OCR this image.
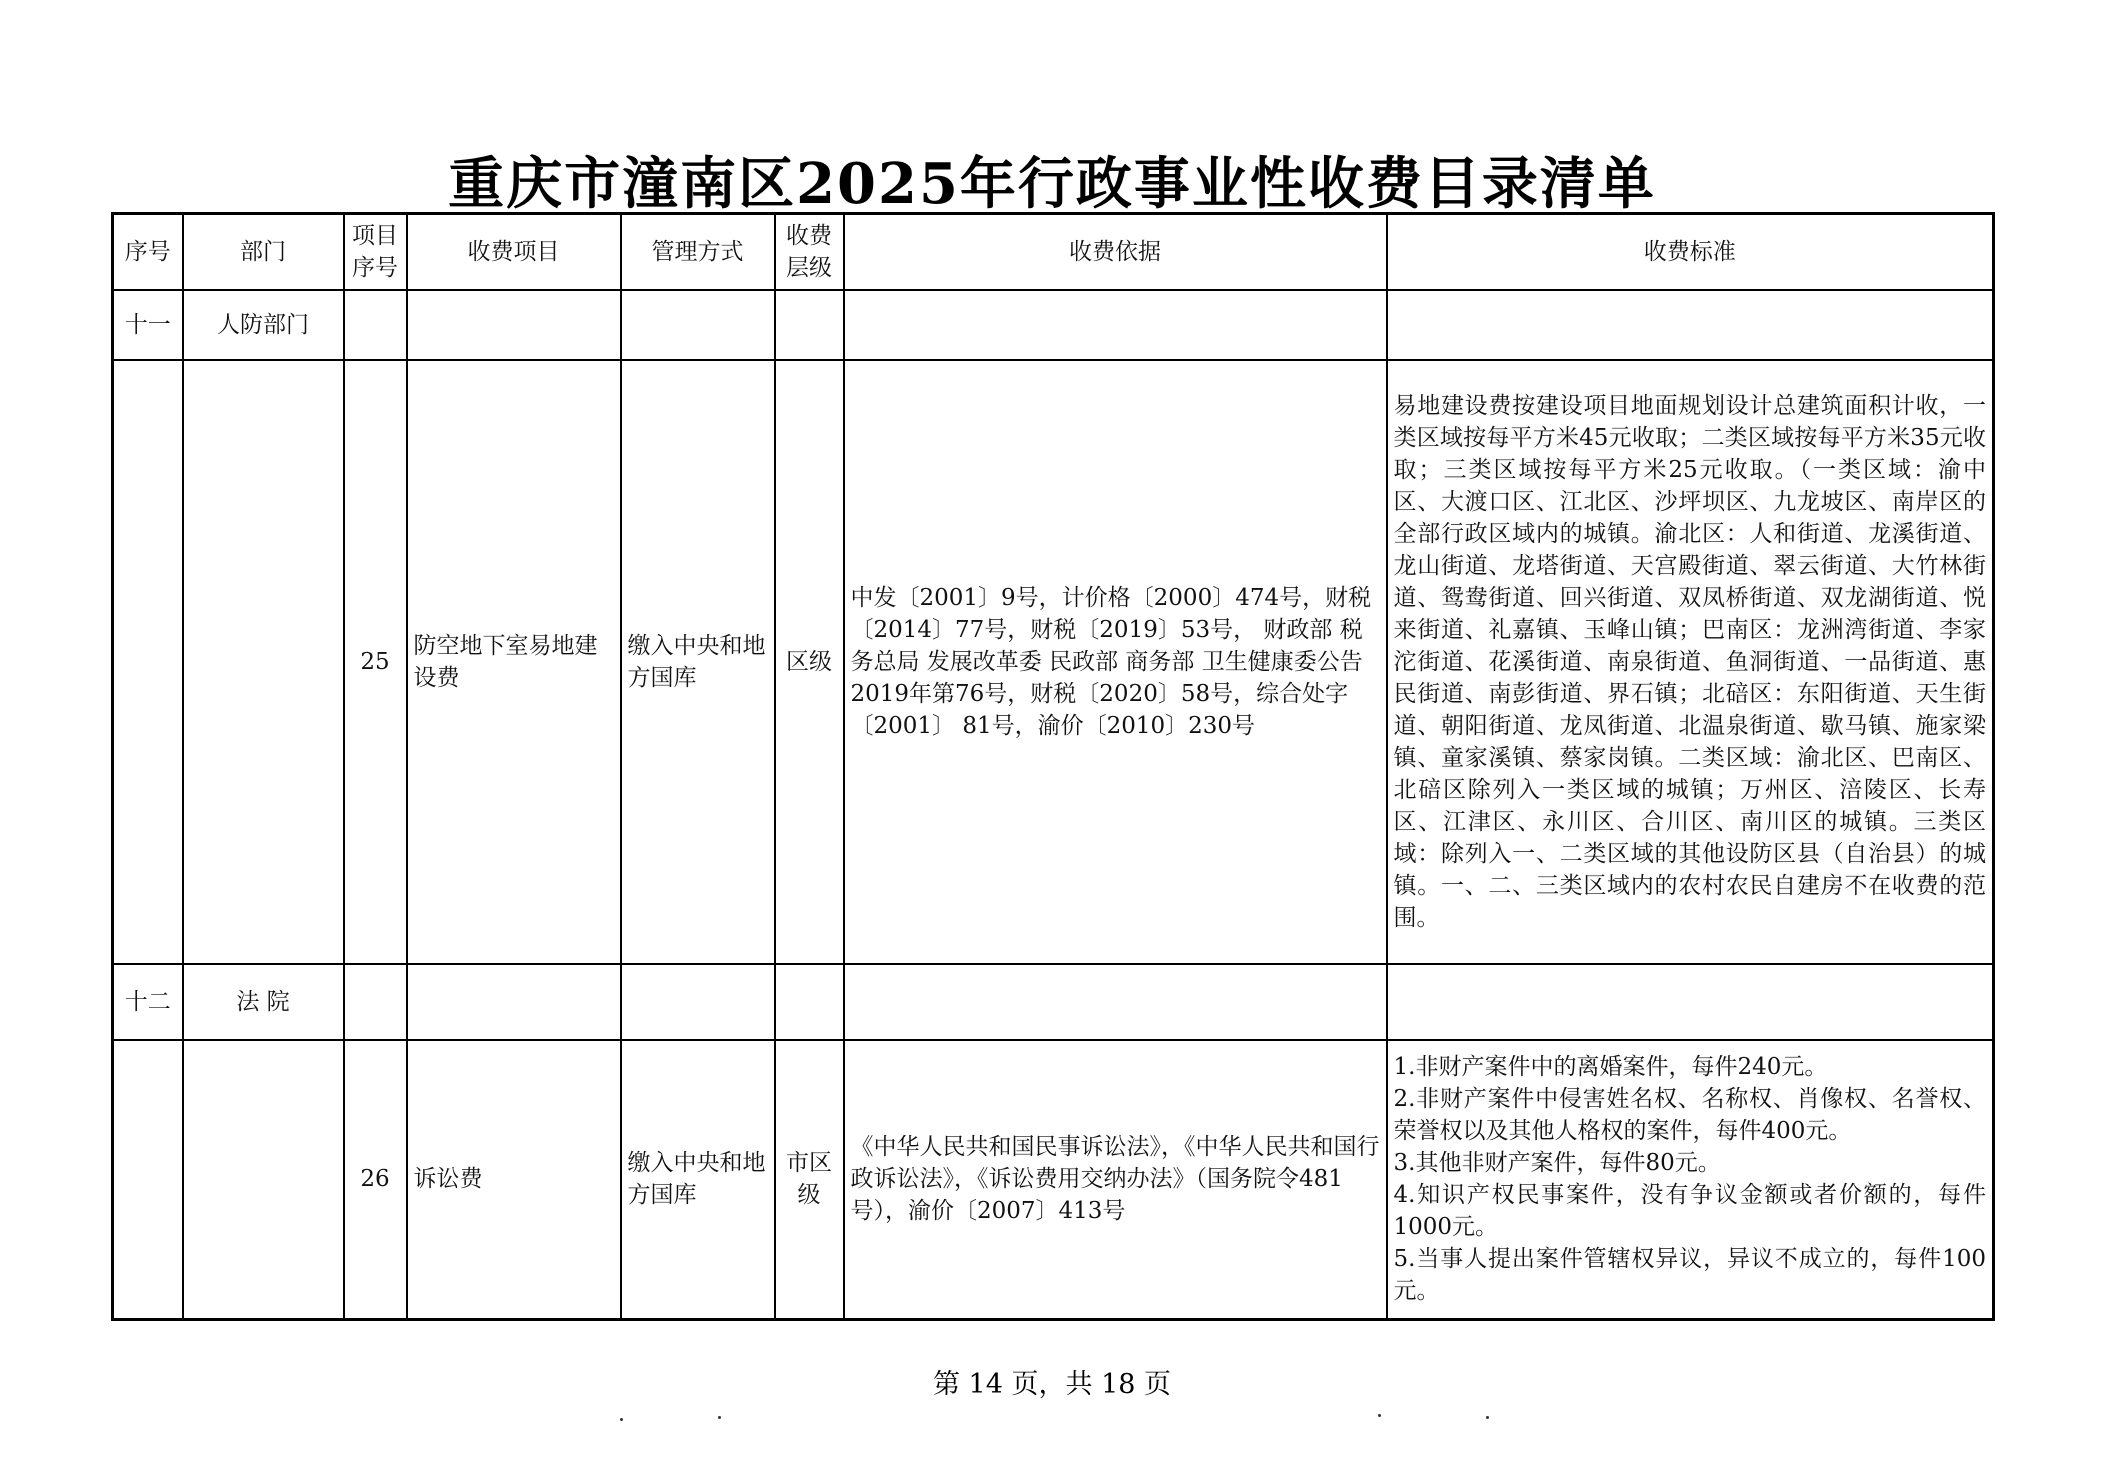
重庆市潼南区2025年行政事业性收费目录清单
序号	部门	项目序号	收费项目	管理方式	收费层级	收费依据	收费标准
十一	人防部门						
		25	防空地下室易地建设费	缴入中央和地方国库	区级	中发〔2001〕9号，计价格〔2000〕474号，财税〔2014〕77号，财税〔2019〕53号， 财政部 税务总局 发展改革委 民政部 商务部 卫生健康委公告2019年第76号，财税〔2020〕58号，综合处字〔2001〕 81号，渝价〔2010〕230号	易地建设费按建设项目地面规划设计总建筑面积计收，一类区域按每平方米45元收取；二类区域按每平方米35元收取；三类区域按每平方米25元收取。（一类区域：渝中区、大渡口区、江北区、沙坪坝区、九龙坡区、南岸区的全部行政区域内的城镇。渝北区：人和街道、龙溪街道、龙山街道、龙塔街道、天宫殿街道、翠云街道、大竹林街道、鸳鸯街道、回兴街道、双凤桥街道、双龙湖街道、悦来街道、礼嘉镇、玉峰山镇；巴南区：龙洲湾街道、李家沱街道、花溪街道、南泉街道、鱼洞街道、一品街道、惠民街道、南彭街道、界石镇；北碚区：东阳街道、天生街道、朝阳街道、龙凤街道、北温泉街道、歇马镇、施家梁镇、童家溪镇、蔡家岗镇。二类区域：渝北区、巴南区、北碚区除列入一类区域的城镇；万州区、涪陵区、长寿区、江津区、永川区、合川区、南川区的城镇。三类区域：除列入一、二类区域的其他设防区县（自治县）的城镇。一、二、三类区域内的农村农民自建房不在收费的范围。
十二	法 院						
		26	诉讼费	缴入中央和地方国库	市区级	《中华人民共和国民事诉讼法》，《中华人民共和国行政诉讼法》，《诉讼费用交纳办法》（国务院令481号），渝价〔2007〕413号	1.非财产案件中的离婚案件，每件240元。
2.非财产案件中侵害姓名权、名称权、肖像权、名誉权、荣誉权以及其他人格权的案件，每件400元。
3.其他非财产案件，每件80元。
4.知识产权民事案件，没有争议金额或者价额的，每件1000元。
5.当事人提出案件管辖权异议，异议不成立的，每件100元。
第 14 页，共 18 页
